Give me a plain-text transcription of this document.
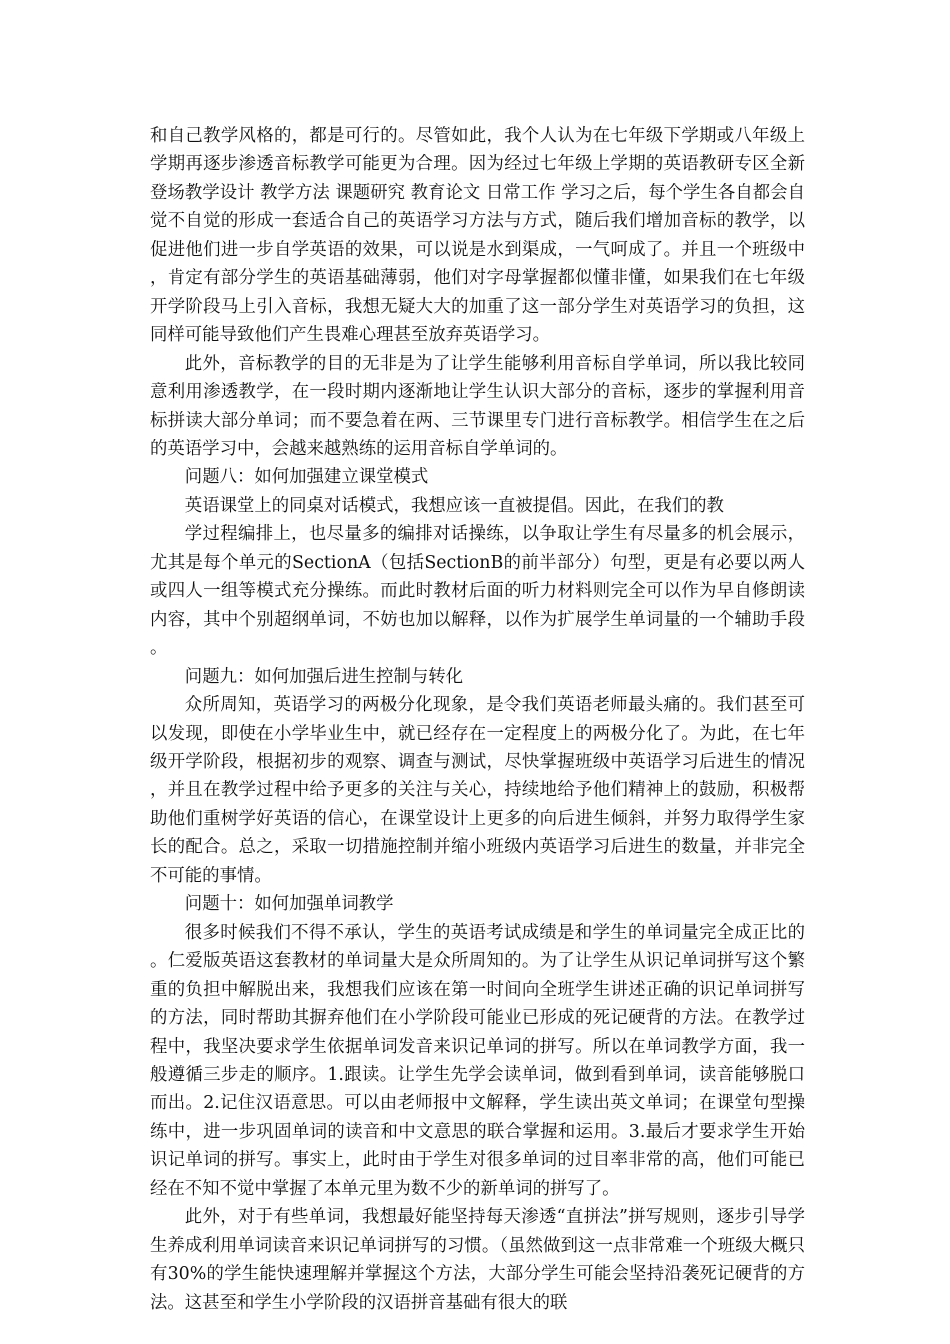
和自己教学风格的，都是可行的。尽管如此，我个人认为在七年级下学期或八年级上学期再逐步渗透音标教学可能更为合理。因为经过七年级上学期的英语教研专区全新登场教学设计 教学方法 课题研究 教育论文 日常工作 学习之后，每个学生各自都会自觉不自觉的形成一套适合自己的英语学习方法与方式，随后我们增加音标的教学，以促进他们进一步自学英语的效果，可以说是水到渠成，一气呵成了。并且一个班级中，肯定有部分学生的英语基础薄弱，他们对字母掌握都似懂非懂，如果我们在七年级开学阶段马上引入音标，我想无疑大大的加重了这一部分学生对英语学习的负担，这同样可能导致他们产生畏难心理甚至放弃英语学习。

此外，音标教学的目的无非是为了让学生能够利用音标自学单词，所以我比较同意利用渗透教学，在一段时期内逐渐地让学生认识大部分的音标，逐步的掌握利用音标拼读大部分单词；而不要急着在两、三节课里专门进行音标教学。相信学生在之后的英语学习中，会越来越熟练的运用音标自学单词的。

问题八：如何加强建立课堂模式

英语课堂上的同桌对话模式，我想应该一直被提倡。因此，在我们的教

学过程编排上，也尽量多的编排对话操练，以争取让学生有尽量多的机会展示，尤其是每个单元的SectionA（包括SectionB的前半部分）句型，更是有必要以两人或四人一组等模式充分操练。而此时教材后面的听力材料则完全可以作为早自修朗读内容，其中个别超纲单词，不妨也加以解释，以作为扩展学生单词量的一个辅助手段。

问题九：如何加强后进生控制与转化

众所周知，英语学习的两极分化现象，是令我们英语老师最头痛的。我们甚至可以发现，即使在小学毕业生中，就已经存在一定程度上的两极分化了。为此，在七年级开学阶段，根据初步的观察、调查与测试，尽快掌握班级中英语学习后进生的情况，并且在教学过程中给予更多的关注与关心，持续地给予他们精神上的鼓励，积极帮助他们重树学好英语的信心，在课堂设计上更多的向后进生倾斜，并努力取得学生家长的配合。总之，采取一切措施控制并缩小班级内英语学习后进生的数量，并非完全不可能的事情。

问题十：如何加强单词教学

很多时候我们不得不承认，学生的英语考试成绩是和学生的单词量完全成正比的。仁爱版英语这套教材的单词量大是众所周知的。为了让学生从识记单词拼写这个繁重的负担中解脱出来，我想我们应该在第一时间向全班学生讲述正确的识记单词拼写的方法，同时帮助其摒弃他们在小学阶段可能业已形成的死记硬背的方法。在教学过程中，我坚决要求学生依据单词发音来识记单词的拼写。所以在单词教学方面，我一般遵循三步走的顺序。1.跟读。让学生先学会读单词，做到看到单词，读音能够脱口而出。2.记住汉语意思。可以由老师报中文解释，学生读出英文单词；在课堂句型操练中，进一步巩固单词的读音和中文意思的联合掌握和运用。3.最后才要求学生开始识记单词的拼写。事实上，此时由于学生对很多单词的过目率非常的高，他们可能已经在不知不觉中掌握了本单元里为数不少的新单词的拼写了。

此外，对于有些单词，我想最好能坚持每天渗透“直拼法”拼写规则，逐步引导学生养成利用单词读音来识记单词拼写的习惯。（虽然做到这一点非常难一个班级大概只有30%的学生能快速理解并掌握这个方法，大部分学生可能会坚持沿袭死记硬背的方法。这甚至和学生小学阶段的汉语拼音基础有很大的联
